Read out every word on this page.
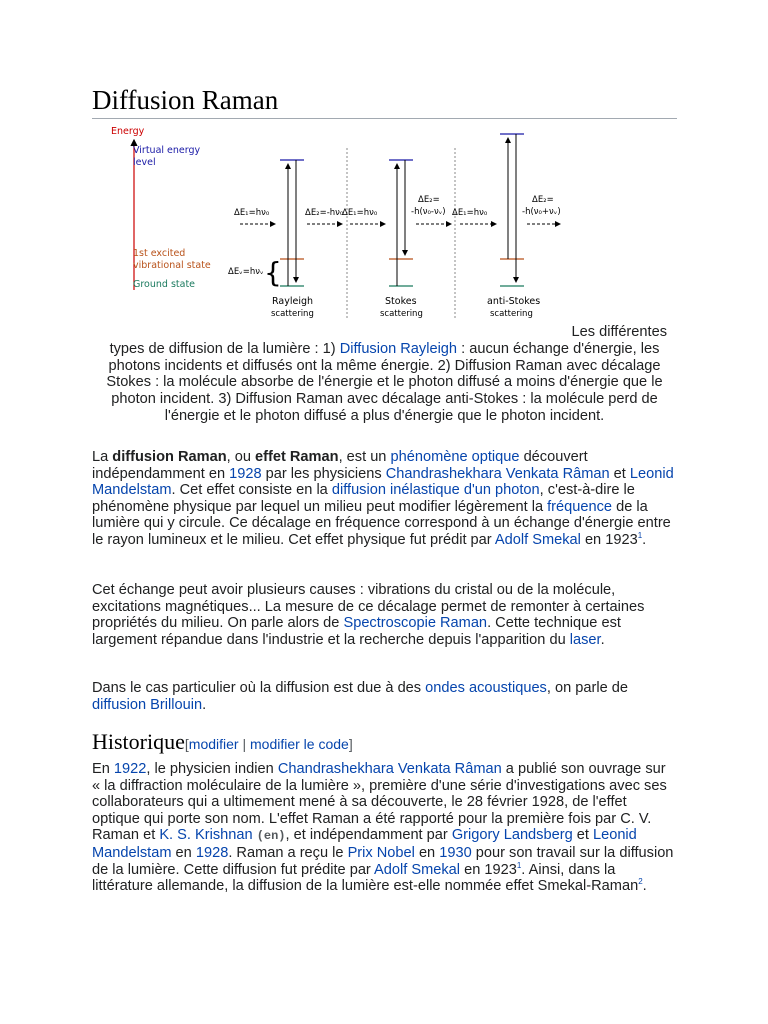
Diffusion Raman
Energy
Virtual energy
level
1st excited
vibrational state
Ground state
ΔEᵥ=hνᵥ {
ΔE₁=hν₀	ΔE₂=-hν₀
Rayleigh
scattering
ΔE₁=hν₀
ΔE₂=
-h(ν₀-νᵥ)
Stokes
scattering
ΔE₁=hν₀
ΔE₂=
-h(ν₀+νᵥ)
anti-Stokes
scattering
Les différentes
types de diffusion de la lumière : 1) Diffusion Rayleigh : aucun échange d'énergie, les photons incidents et diffusés ont la même énergie. 2) Diffusion Raman avec décalage Stokes : la molécule absorbe de l'énergie et le photon diffusé a moins d'énergie que le photon incident. 3) Diffusion Raman avec décalage anti-Stokes : la molécule perd de l'énergie et le photon diffusé a plus d'énergie que le photon incident.

La diffusion Raman, ou effet Raman, est un phénomène optique découvert indépendamment en 1928 par les physiciens Chandrashekhara Venkata Râman et Leonid Mandelstam. Cet effet consiste en la diffusion inélastique d'un photon, c'est-à-dire le phénomène physique par lequel un milieu peut modifier légèrement la fréquence de la lumière qui y circule. Ce décalage en fréquence correspond à un échange d'énergie entre le rayon lumineux et le milieu. Cet effet physique fut prédit par Adolf Smekal en 1923$^1$.

Cet échange peut avoir plusieurs causes : vibrations du cristal ou de la molécule, excitations magnétiques... La mesure de ce décalage permet de remonter à certaines propriétés du milieu. On parle alors de Spectroscopie Raman. Cette technique est largement répandue dans l'industrie et la recherche depuis l'apparition du laser.

Dans le cas particulier où la diffusion est due à des ondes acoustiques, on parle de diffusion Brillouin.

Historique[modifier | modifier le code]

En 1922, le physicien indien Chandrashekhara Venkata Râman a publié son ouvrage sur « la diffraction moléculaire de la lumière », première d'une série d'investigations avec ses collaborateurs qui a ultimement mené à sa découverte, le 28 février 1928, de l'effet optique qui porte son nom. L'effet Raman a été rapporté pour la première fois par C. V. Raman et K. S. Krishnan (en), et indépendamment par Grigory Landsberg et Leonid Mandelstam en 1928. Raman a reçu le Prix Nobel en 1930 pour son travail sur la diffusion de la lumière. Cette diffusion fut prédite par Adolf Smekal en 1923$^1$. Ainsi, dans la littérature allemande, la diffusion de la lumière est-elle nommée effet Smekal-Raman$^2$.
